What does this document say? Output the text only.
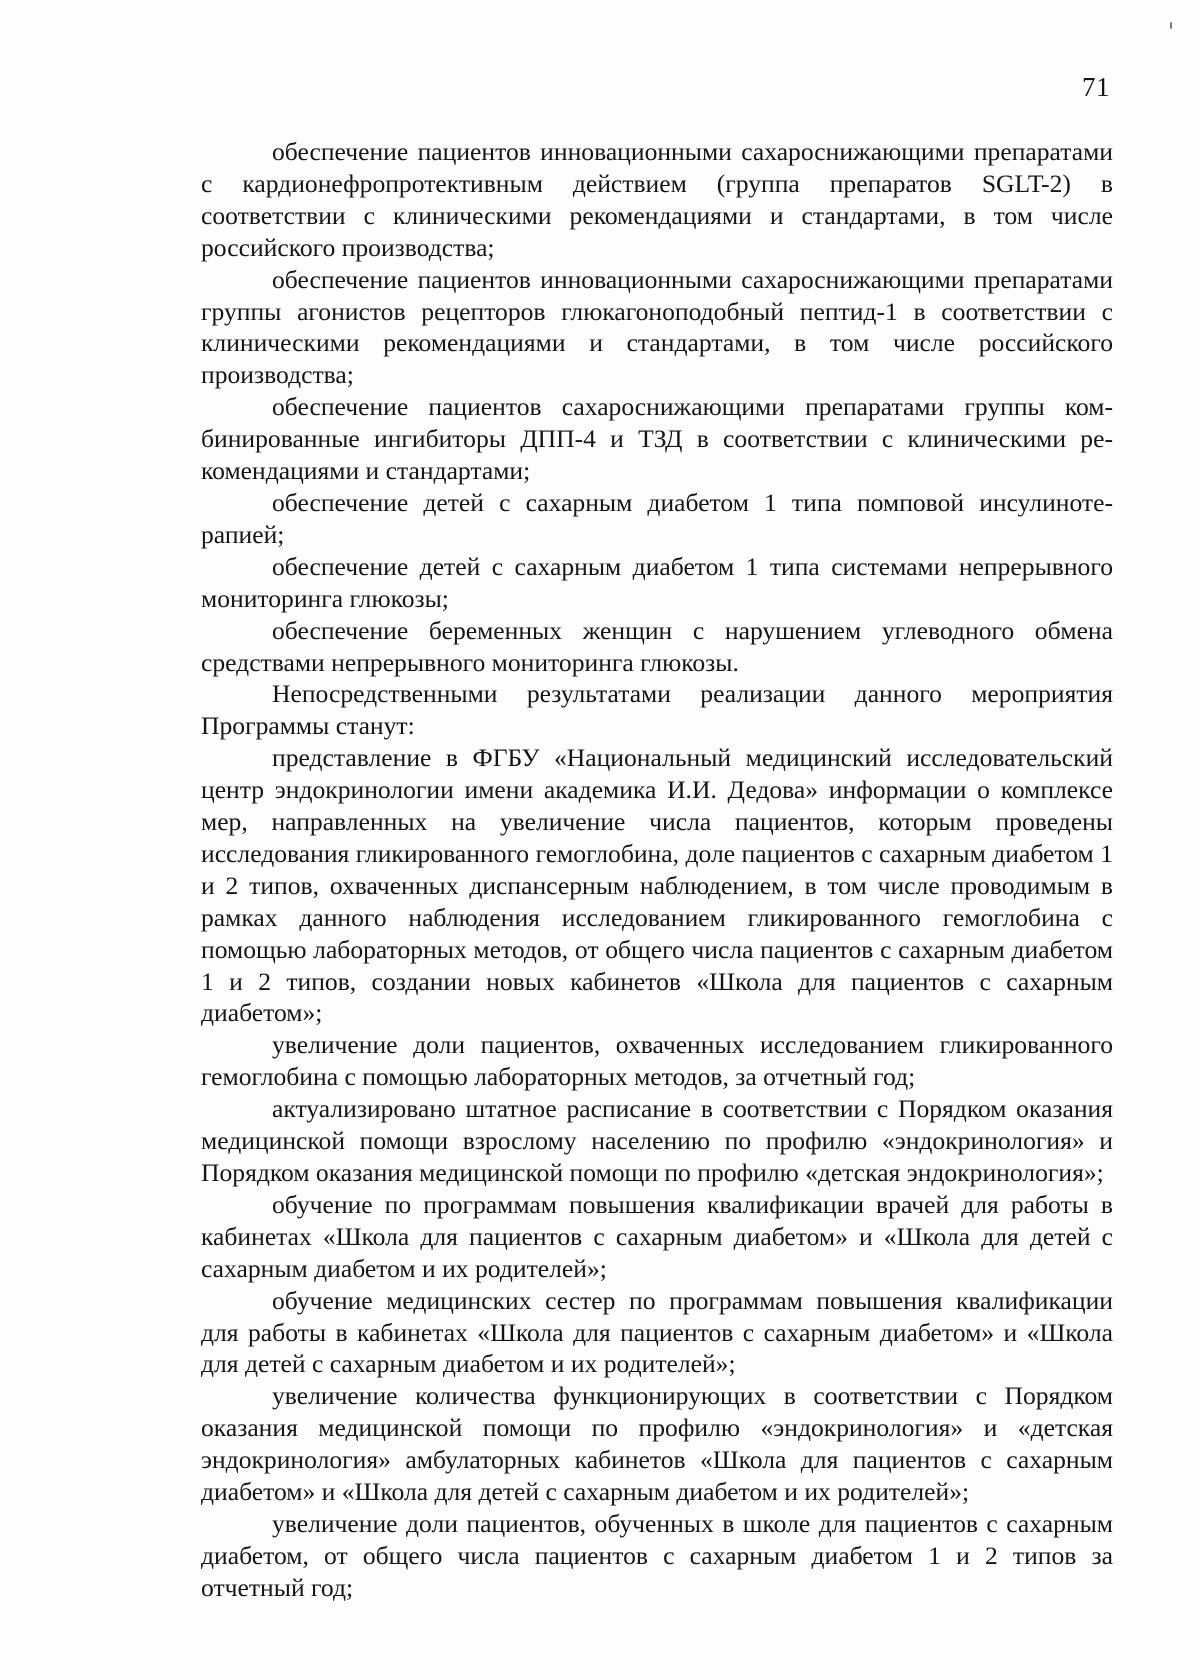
71

обеспечение пациентов инновационными сахароснижающими препаратами с кардионефропротективным действием (группа препаратов SGLT-2) в соответствии с клиническими рекомендациями и стандартами, в том числе российского производства;

обеспечение пациентов инновационными сахароснижающими препаратами группы агонистов рецепторов глюкагоноподобный пептид-1 в соответствии с клиническими рекомендациями и стандартами, в том числе российского производства;

обеспечение пациентов сахароснижающими препаратами группы комбинированные ингибиторы ДПП-4 и ТЗД в соответствии с клиническими рекомендациями и стандартами;

обеспечение детей с сахарным диабетом 1 типа помповой инсулинотерапией;

обеспечение детей с сахарным диабетом 1 типа системами непрерывного мониторинга глюкозы;

обеспечение беременных женщин с нарушением углеводного обмена средствами непрерывного мониторинга глюкозы.

Непосредственными результатами реализации данного мероприятия Программы станут:

представление в ФГБУ «Национальный медицинский исследовательский центр эндокринологии имени академика И.И. Дедова» информации о комплексе мер, направленных на увеличение числа пациентов, которым проведены исследования гликированного гемоглобина, доле пациентов с сахарным диабетом 1 и 2 типов, охваченных диспансерным наблюдением, в том числе проводимым в рамках данного наблюдения исследованием гликированного гемоглобина с помощью лабораторных методов, от общего числа пациентов с сахарным диабетом 1 и 2 типов, создании новых кабинетов «Школа для пациентов с сахарным диабетом»;

увеличение доли пациентов, охваченных исследованием гликированного гемоглобина с помощью лабораторных методов, за отчетный год;

актуализировано штатное расписание в соответствии с Порядком оказания медицинской помощи взрослому населению по профилю «эндокринология» и Порядком оказания медицинской помощи по профилю «детская эндокринология»;

обучение по программам повышения квалификации врачей для работы в кабинетах «Школа для пациентов с сахарным диабетом» и «Школа для детей с сахарным диабетом и их родителей»;

обучение медицинских сестер по программам повышения квалификации для работы в кабинетах «Школа для пациентов с сахарным диабетом» и «Школа для детей с сахарным диабетом и их родителей»;

увеличение количества функционирующих в соответствии с Порядком оказания медицинской помощи по профилю «эндокринология» и «детская эндокринология» амбулаторных кабинетов «Школа для пациентов с сахарным диабетом» и «Школа для детей с сахарным диабетом и их родителей»;

увеличение доли пациентов, обученных в школе для пациентов с сахарным диабетом, от общего числа пациентов с сахарным диабетом 1 и 2 типов за отчетный год;
